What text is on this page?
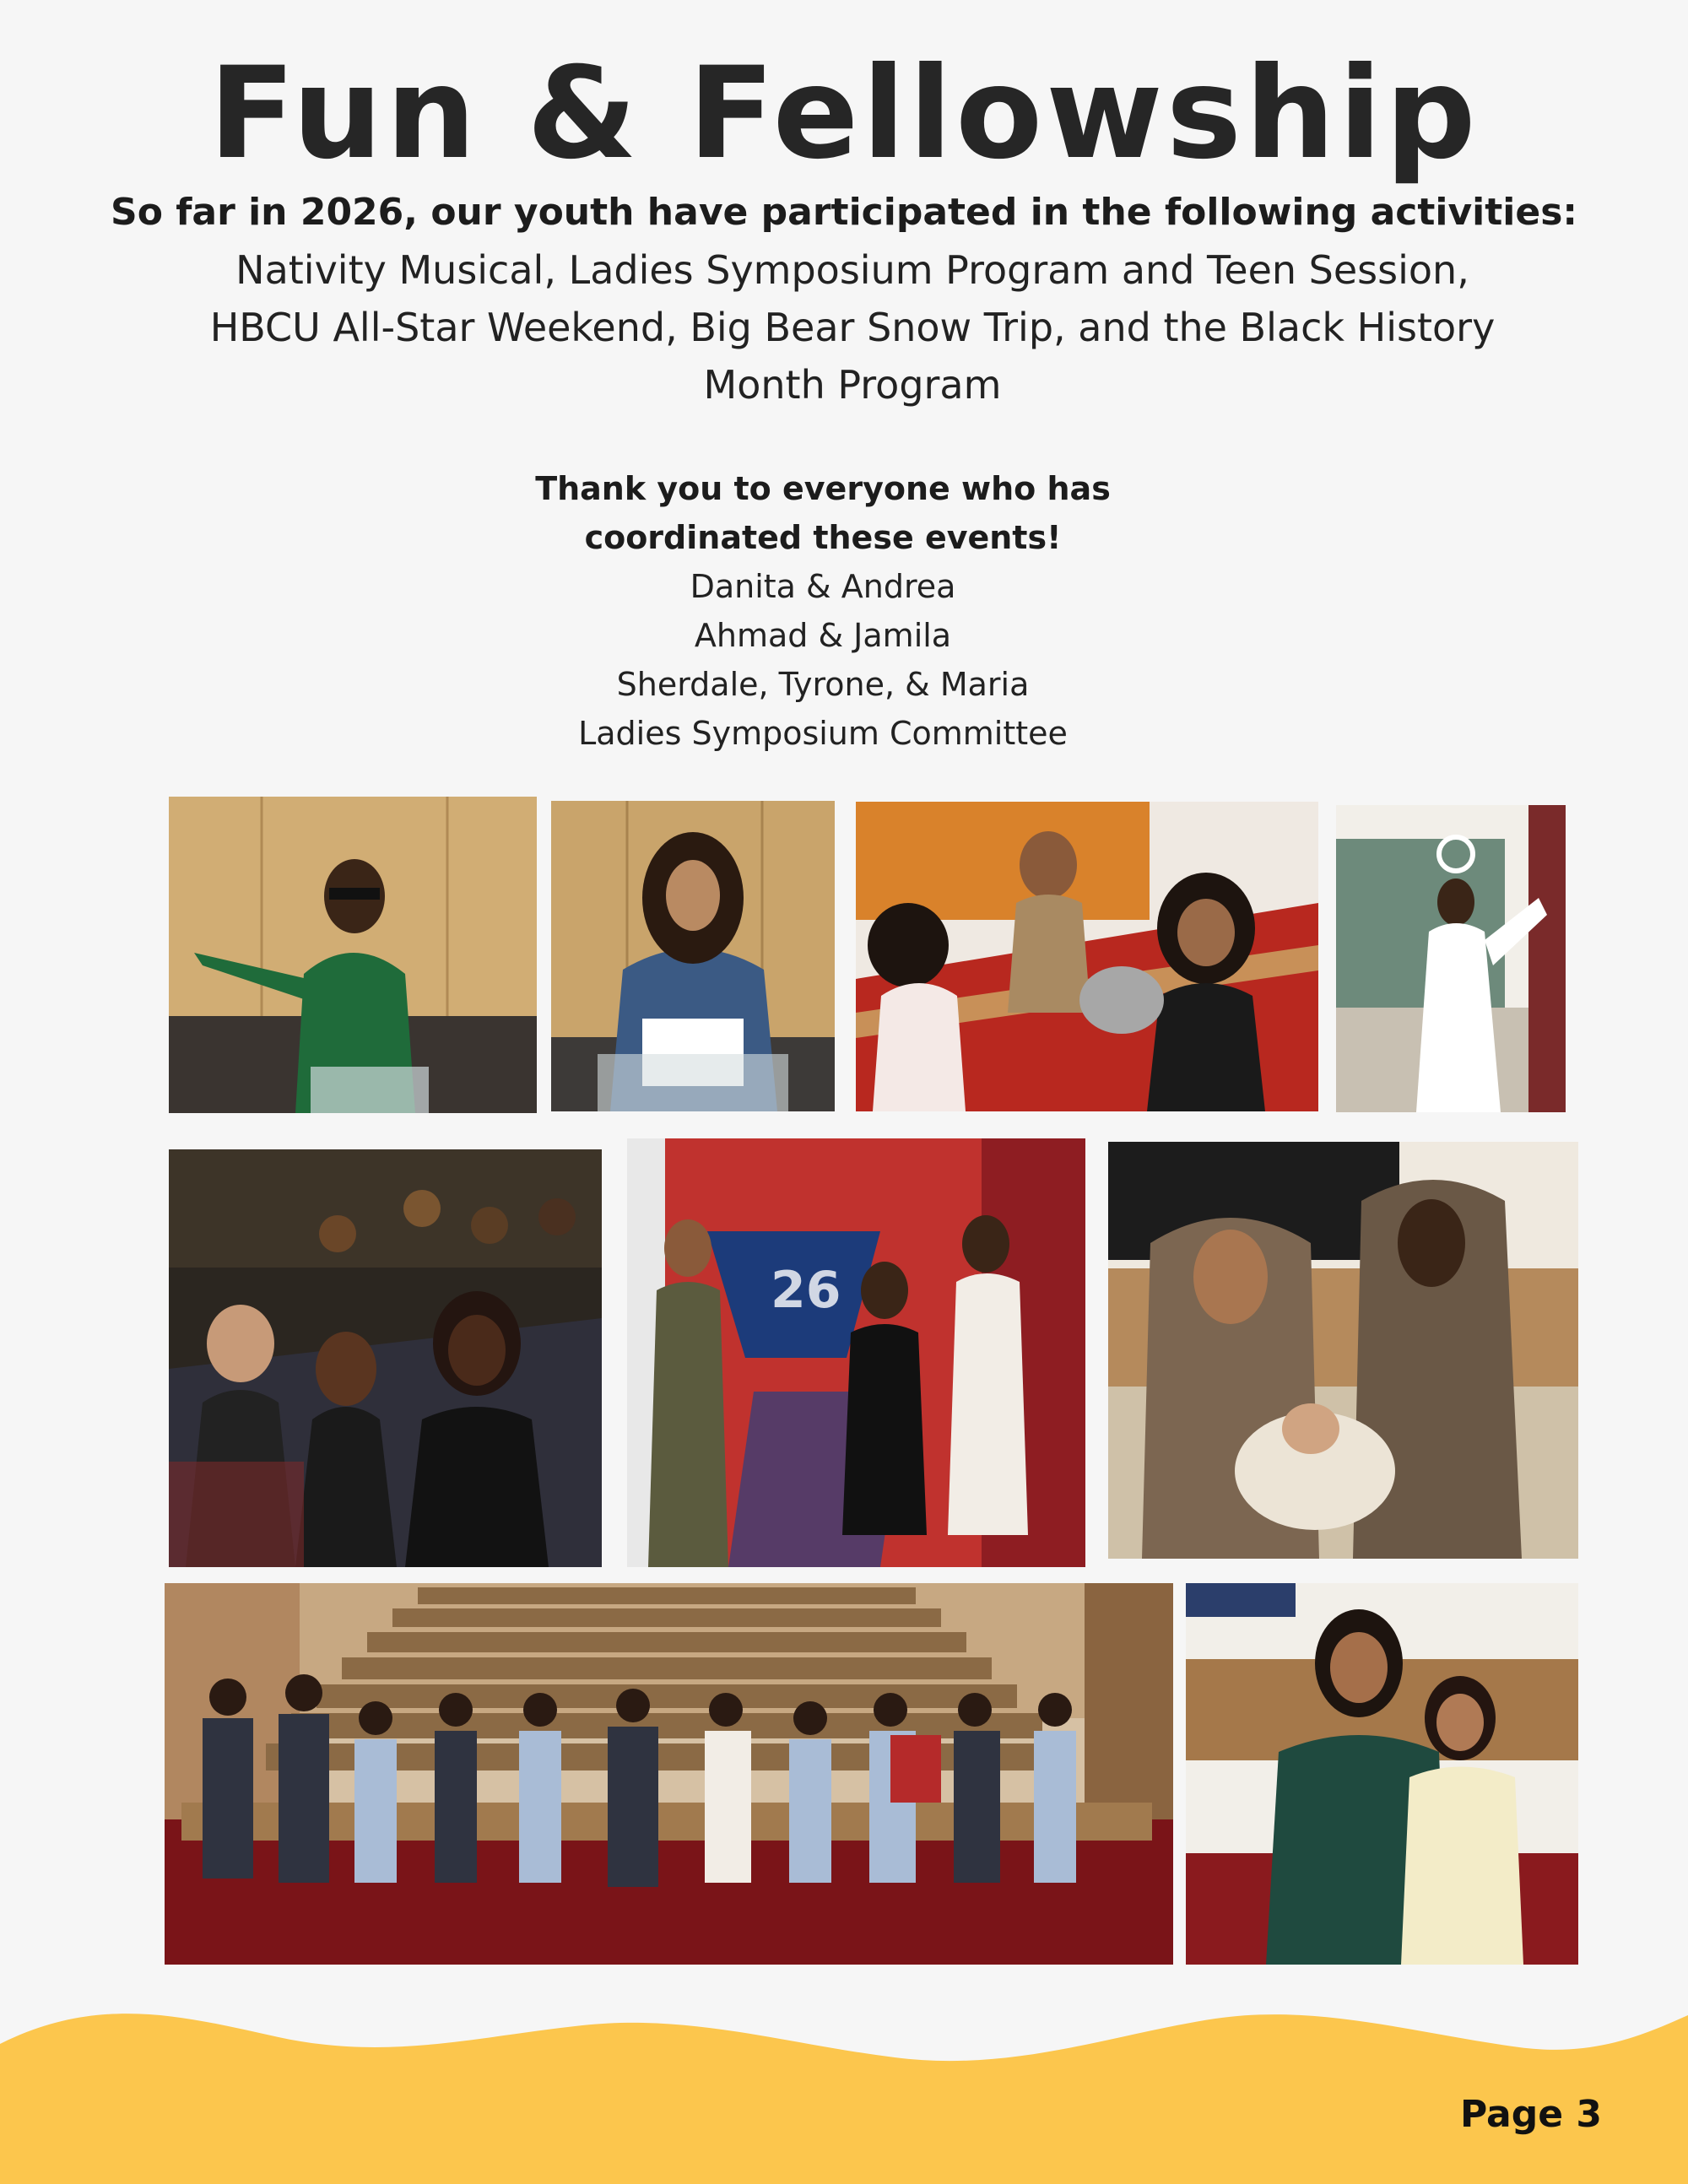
Fun & Fellowship
So far in 2026, our youth have participated in the following activities:
Nativity Musical, Ladies Symposium Program and Teen Session,
HBCU All-Star Weekend, Big Bear Snow Trip, and the Black History
Month Program
Thank you to everyone who has
coordinated these events!
Danita & Andrea
Ahmad & Jamila
Sherdale, Tyrone, & Maria
Ladies Symposium Committee
26
Page 3
